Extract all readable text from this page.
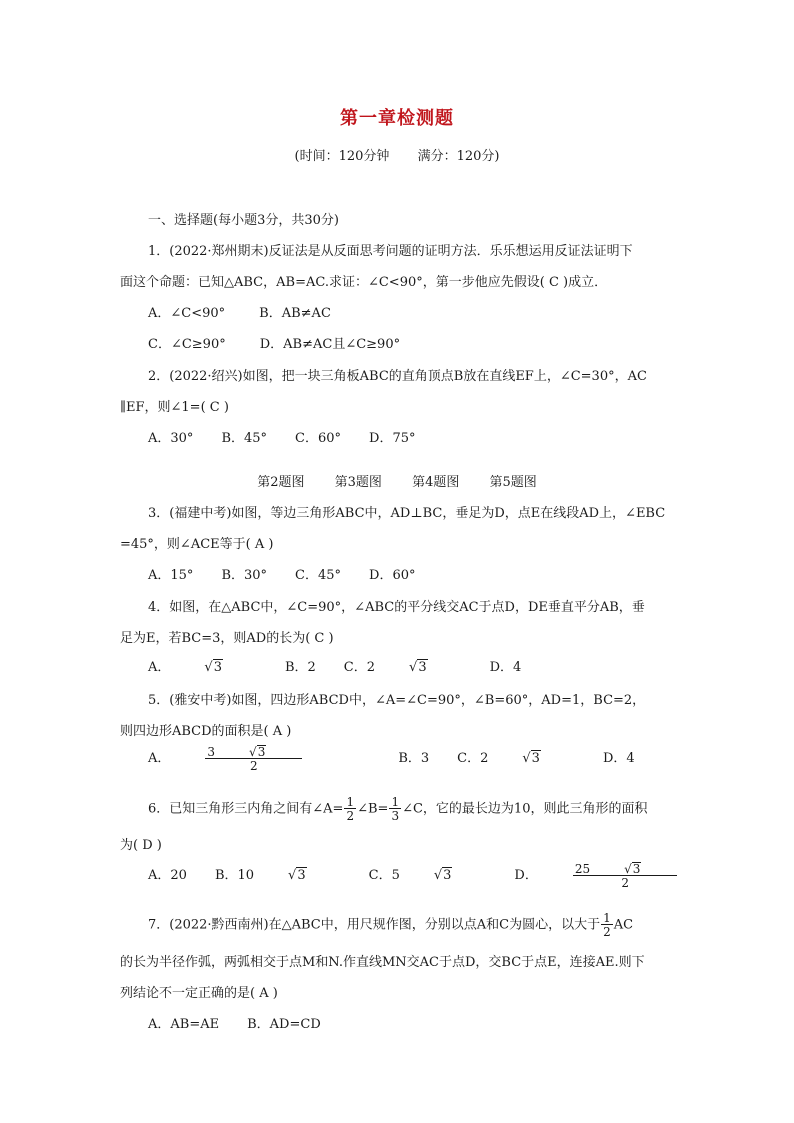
第一章检测题
(时间：120分钟 满分：120分)
一、选择题(每小题3分，共30分)
1．(2022·郑州期末)反证法是从反面思考问题的证明方法．乐乐想运用反证法证明下
面这个命题：已知△ABC，AB=AC.求证：∠C<90°，第一步他应先假设( C )成立．
A．∠C<90°	B．AB≠AC
C．∠C≥90°	D．AB≠AC且∠C≥90°
2．(2022·绍兴)如图，把一块三角板ABC的直角顶点B放在直线EF上，∠C=30°，AC
∥EF，则∠1=( C )
A．30° B．45° C．60° D．75°
第2题图 第3题图 第4题图 第5题图
3．(福建中考)如图，等边三角形ABC中，AD⊥BC，垂足为D，点E在线段AD上，∠EBC
=45°，则∠ACE等于( A )
A．15° B．30° C．45° D．60°
4．如图，在△ABC中，∠C=90°，∠ABC的平分线交AC于点D，DE垂直平分AB，垂
足为E，若BC=3，则AD的长为( C )
A．	√3	B．2 C．2	√3	D．4
5．(雅安中考)如图，四边形ABCD中，∠A=∠C=90°，∠B=60°，AD=1，BC=2，
则四边形ABCD的面积是( A )
A．	3	√3
2	B．3 C．2	√3	D．4
6．已知三角形三内角之间有∠A= $\frac{1}{2}$ ∠B= $\frac{1}{3}$ ∠C，它的最长边为10，则此三角形的面积
为( D )
A．20 B．10	√3	C．5	√3	D．	25	√3
2
7．(2022·黔西南州)在△ABC中，用尺规作图，分别以点A和C为圆心，以大于 $\frac{1}{2}$ AC
的长为半径作弧，两弧相交于点M和N.作直线MN交AC于点D，交BC于点E，连接AE.则下
列结论不一定正确的是( A )
A．AB=AE B．AD=CD
